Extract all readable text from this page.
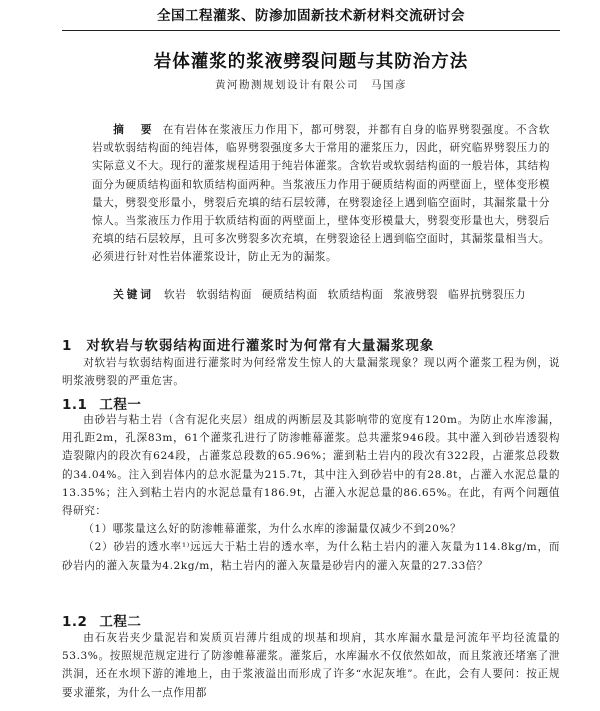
全国工程灌浆、防渗加固新技术新材料交流研讨会
岩体灌浆的浆液劈裂问题与其防治方法
黄河勘测规划设计有限公司　马国彦

摘　要 在有岩体在浆液压力作用下，都可劈裂，并都有自身的临界劈裂强度。不含软岩或软弱结构面的纯岩体，临界劈裂强度多大于常用的灌浆压力，因此，研究临界劈裂压力的实际意义不大。现行的灌浆规程适用于纯岩体灌浆。含软岩或软弱结构面的一般岩体，其结构面分为硬质结构面和软质结构面两种。当浆液压力作用于硬质结构面的两壁面上，壁体变形模量大，劈裂变形量小，劈裂后充填的结石层较薄，在劈裂途径上遇到临空面时，其漏浆量十分惊人。当浆液压力作用于软质结构面的两壁面上，壁体变形模量大，劈裂变形量也大，劈裂后充填的结石层较厚，且可多次劈裂多次充填，在劈裂途径上遇到临空面时，其漏浆量相当大。必须进行针对性岩体灌浆设计，防止无为的漏浆。

关键词 软岩 软弱结构面 硬质结构面 软质结构面 浆液劈裂 临界抗劈裂压力

1 对软岩与软弱结构面进行灌浆时为何常有大量漏浆现象

对软岩与软弱结构面进行灌浆时为何经常发生惊人的大量漏浆现象？现以两个灌浆工程为例，说明浆液劈裂的严重危害。

1.1 工程一

由砂岩与粘土岩（含有泥化夹层）组成的两断层及其影响带的宽度有120m。为防止水库渗漏，用孔距2m，孔深83m，61个灌浆孔进行了防渗帷幕灌浆。总共灌浆946段。其中灌入到砂岩透裂构造裂隙内的段次有624段，占灌浆总段数的65.96%；灌到粘土岩内的段次有322段，占灌浆总段数的34.04%。注入到岩体内的总水泥量为215.7t，其中注入到砂岩中的有28.8t，占灌入水泥总量的13.35%；注入到粘土岩内的水泥总量有186.9t，占灌入水泥总量的86.65%。在此，有两个问题值得研究：

（1）哪浆量这么好的防渗帷幕灌浆，为什么水库的渗漏量仅减少不到20%？

（2）砂岩的透水率¹⁾远远大于粘土岩的透水率，为什么粘土岩内的灌入灰量为114.8kg/m，而砂岩内的灌入灰量为4.2kg/m，粘土岩内的灌入灰量是砂岩内的灌入灰量的27.33倍？

1.2 工程二

由石灰岩夹少量泥岩和炭质页岩薄片组成的坝基和坝肩，其水库漏水量是河流年平均径流量的53.3%。按照规范规定进行了防渗帷幕灌浆。灌浆后，水库漏水不仅依然如故，而且浆液还堵塞了泄洪洞，还在水坝下游的滩地上，由于浆液溢出而形成了许多“水泥灰堆”。在此，会有人要问：按正规要求灌浆，为什么一点作用都
